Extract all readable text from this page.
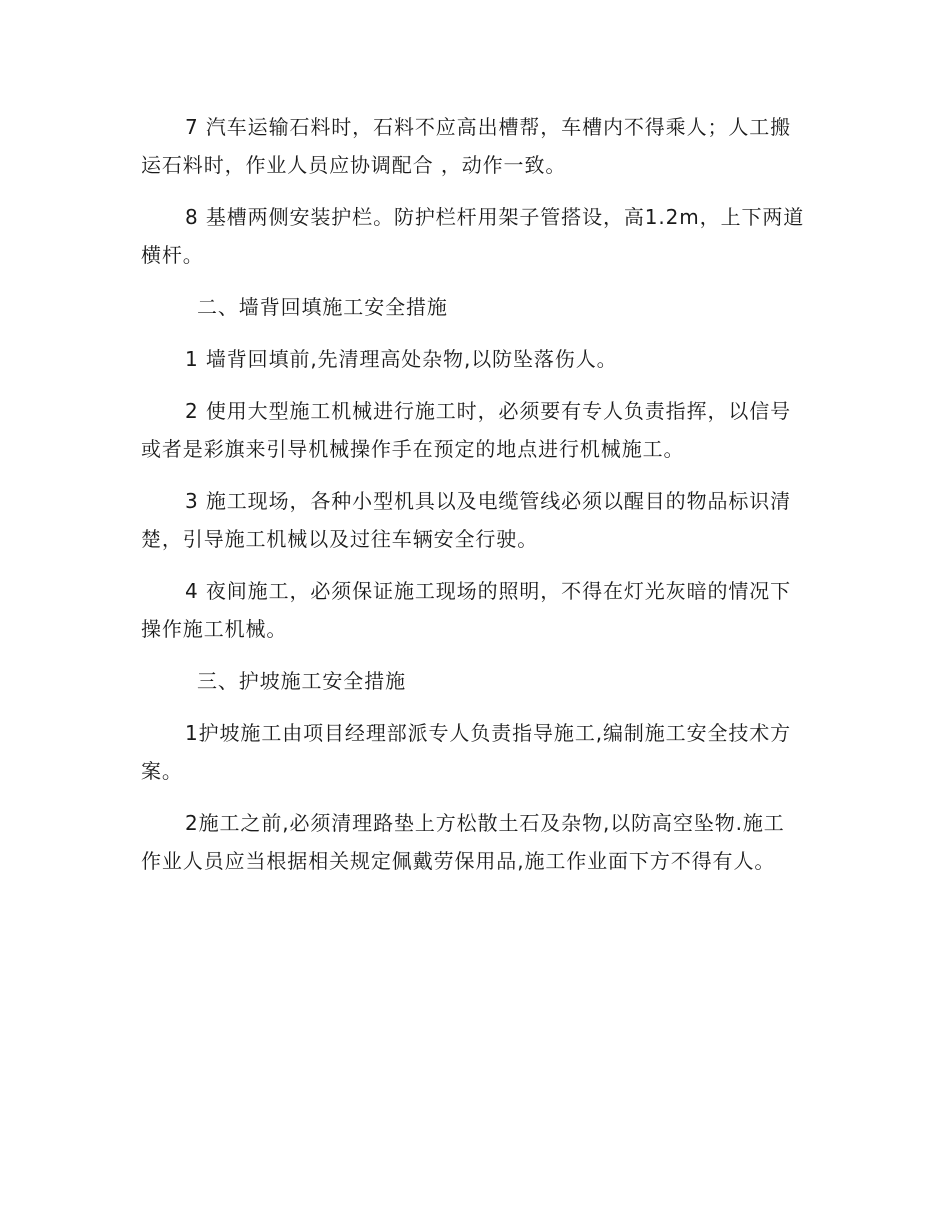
7 汽车运输石料时，石料不应高出槽帮，车槽内不得乘人；人工搬运石料时，作业人员应协调配合 ，动作一致。

8 基槽两侧安装护栏。防护栏杆用架子管搭设，高1.2m，上下两道横杆。

二、墙背回填施工安全措施

1 墙背回填前,先清理高处杂物,以防坠落伤人。

2 使用大型施工机械进行施工时，必须要有专人负责指挥，以信号或者是彩旗来引导机械操作手在预定的地点进行机械施工。

3 施工现场，各种小型机具以及电缆管线必须以醒目的物品标识清楚，引导施工机械以及过往车辆安全行驶。

4 夜间施工，必须保证施工现场的照明，不得在灯光灰暗的情况下操作施工机械。

三、护坡施工安全措施

1护坡施工由项目经理部派专人负责指导施工,编制施工安全技术方案。

2施工之前,必须清理路垫上方松散土石及杂物,以防高空坠物.施工作业人员应当根据相关规定佩戴劳保用品,施工作业面下方不得有人。
